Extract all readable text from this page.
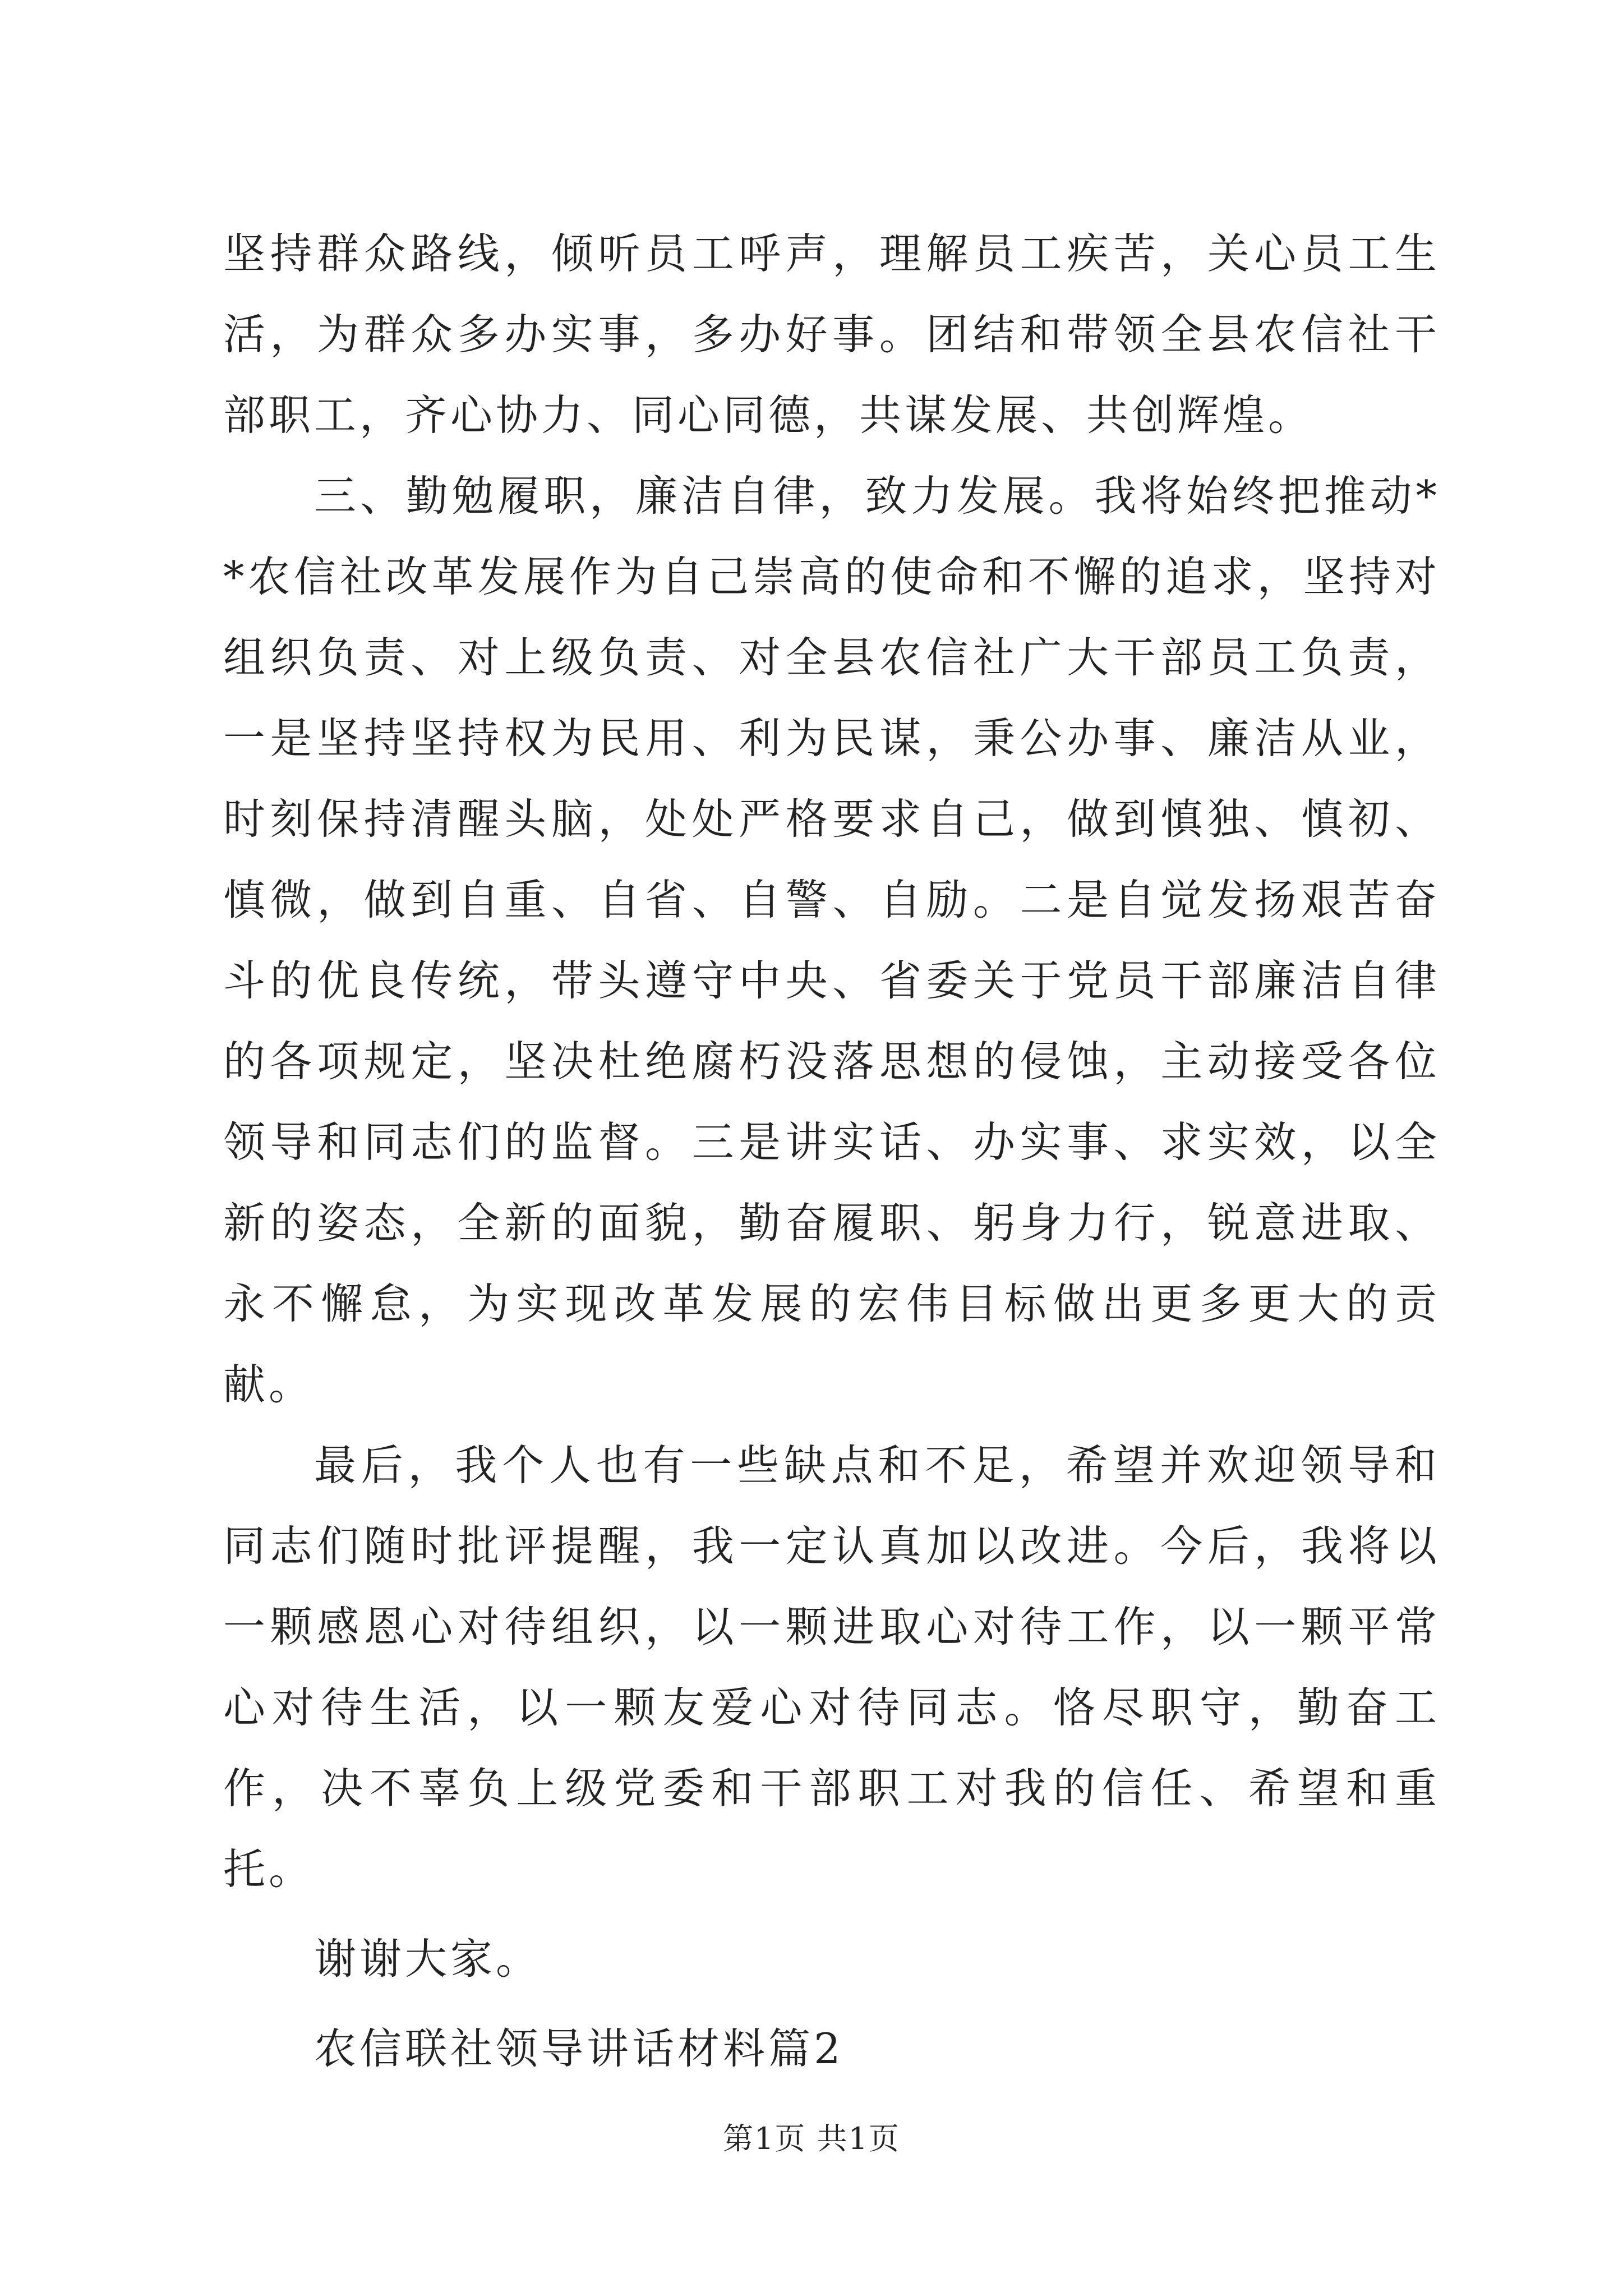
坚持群众路线，倾听员工呼声，理解员工疾苦，关心员工生活，为群众多办实事，多办好事。团结和带领全县农信社干部职工，齐心协力、同心同德，共谋发展、共创辉煌。

三、勤勉履职，廉洁自律，致力发展。我将始终把推动**农信社改革发展作为自己崇高的使命和不懈的追求，坚持对组织负责、对上级负责、对全县农信社广大干部员工负责，一是坚持坚持权为民用、利为民谋，秉公办事、廉洁从业，时刻保持清醒头脑，处处严格要求自己，做到慎独、慎初、慎微，做到自重、自省、自警、自励。二是自觉发扬艰苦奋斗的优良传统，带头遵守中央、省委关于党员干部廉洁自律的各项规定，坚决杜绝腐朽没落思想的侵蚀，主动接受各位领导和同志们的监督。三是讲实话、办实事、求实效，以全新的姿态，全新的面貌，勤奋履职、躬身力行，锐意进取、永不懈怠，为实现改革发展的宏伟目标做出更多更大的贡献。

最后，我个人也有一些缺点和不足，希望并欢迎领导和同志们随时批评提醒，我一定认真加以改进。今后，我将以一颗感恩心对待组织，以一颗进取心对待工作，以一颗平常心对待生活，以一颗友爱心对待同志。恪尽职守，勤奋工作，决不辜负上级党委和干部职工对我的信任、希望和重托。

谢谢大家。

农信联社领导讲话材料篇2

第1页 共1页
